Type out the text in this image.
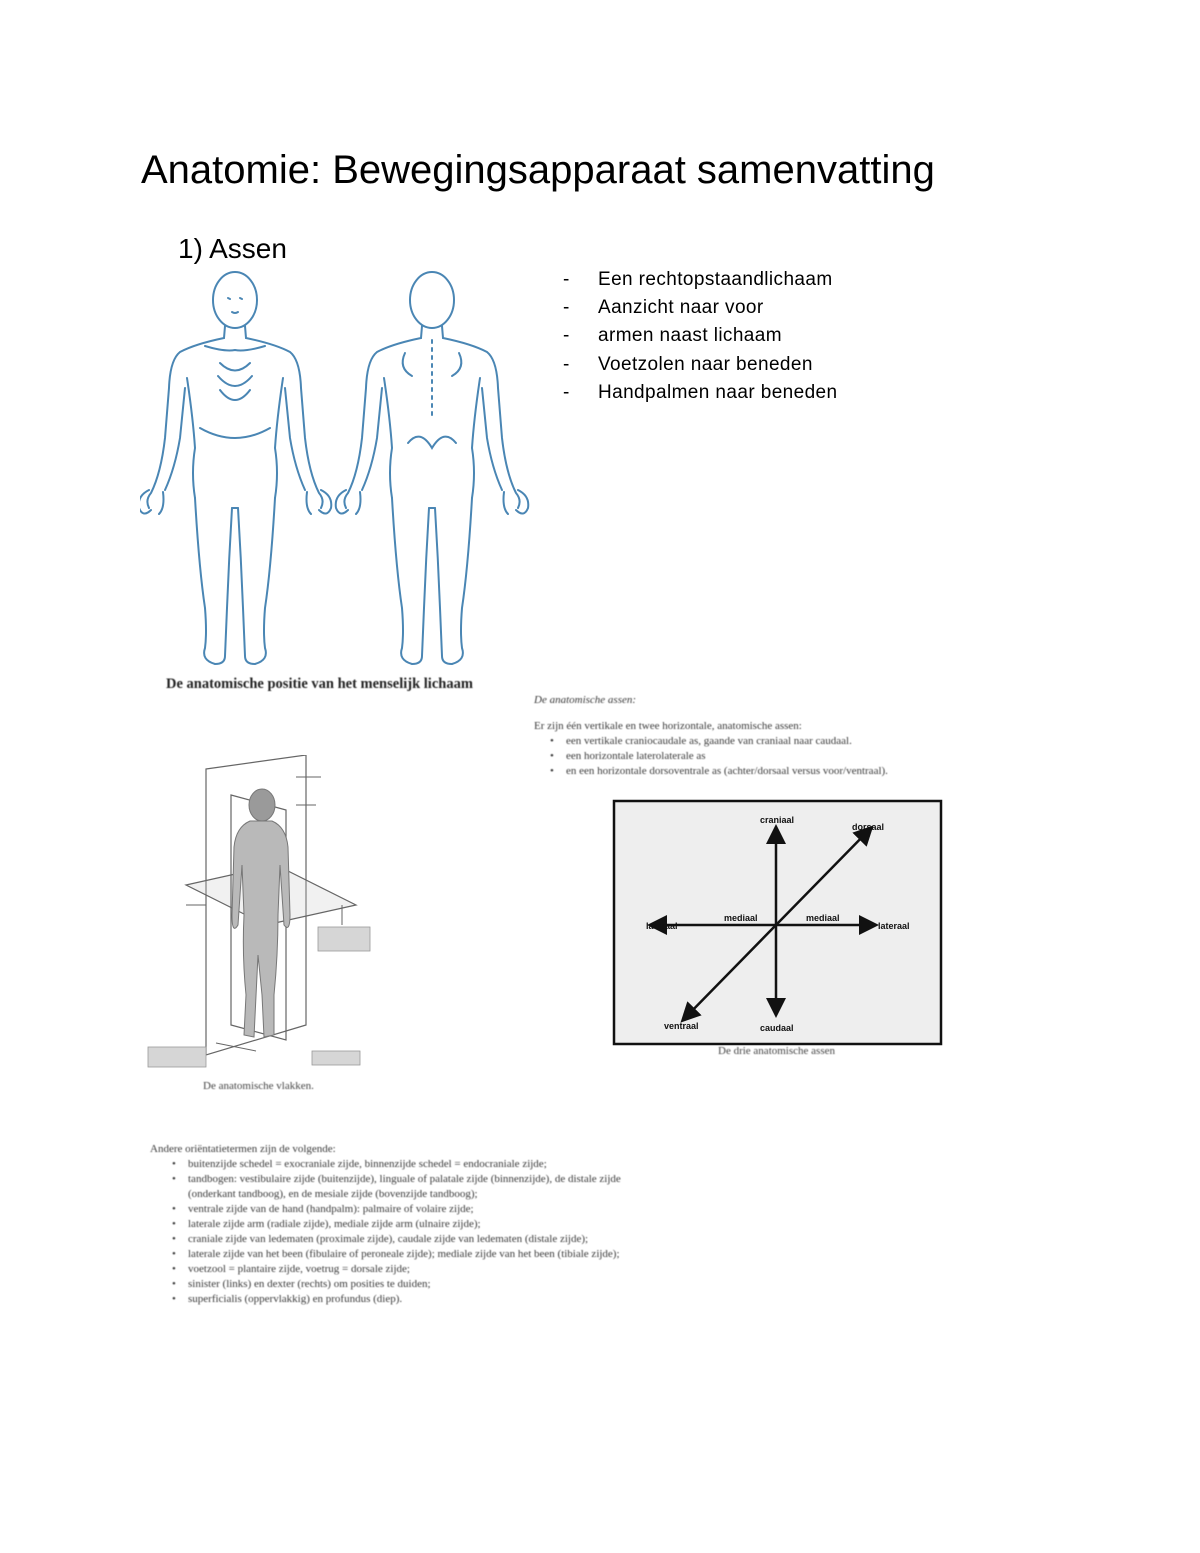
Anatomie: Bewegingsapparaat samenvatting
1) Assen
- Een rechtopstaandlichaam
- Aanzicht naar voor
- armen naast lichaam
- Voetzolen naar beneden
- Handpalmen naar beneden
De anatomische positie van het menselijk lichaam
De anatomische assen:
Er zijn één vertikale en twee horizontale, anatomische assen:
• een vertikale craniocaudale as, gaande van craniaal naar caudaal.
• een horizontale laterolaterale as
• en een horizontale dorsoventrale as (achter/dorsaal versus voor/ventraal).
craniaal
caudaal
lateraal	lateraal
mediaal	mediaal
dorsaal
ventraal
De drie anatomische assen
De anatomische vlakken.
Andere oriëntatietermen zijn de volgende:
• buitenzijde schedel = exocraniale zijde, binnenzijde schedel = endocraniale zijde;
• tandbogen: vestibulaire zijde (buitenzijde), linguale of palatale zijde (binnenzijde), de distale zijde (onderkant tandboog), en de mesiale zijde (bovenzijde tandboog);
• ventrale zijde van de hand (handpalm): palmaire of volaire zijde;
• laterale zijde arm (radiale zijde), mediale zijde arm (ulnaire zijde);
• craniale zijde van ledematen (proximale zijde), caudale zijde van ledematen (distale zijde);
• laterale zijde van het been (fibulaire of peroneale zijde); mediale zijde van het been (tibiale zijde);
• voetzool = plantaire zijde, voetrug = dorsale zijde;
• sinister (links) en dexter (rechts) om posities te duiden;
• superficialis (oppervlakkig) en profundus (diep).
